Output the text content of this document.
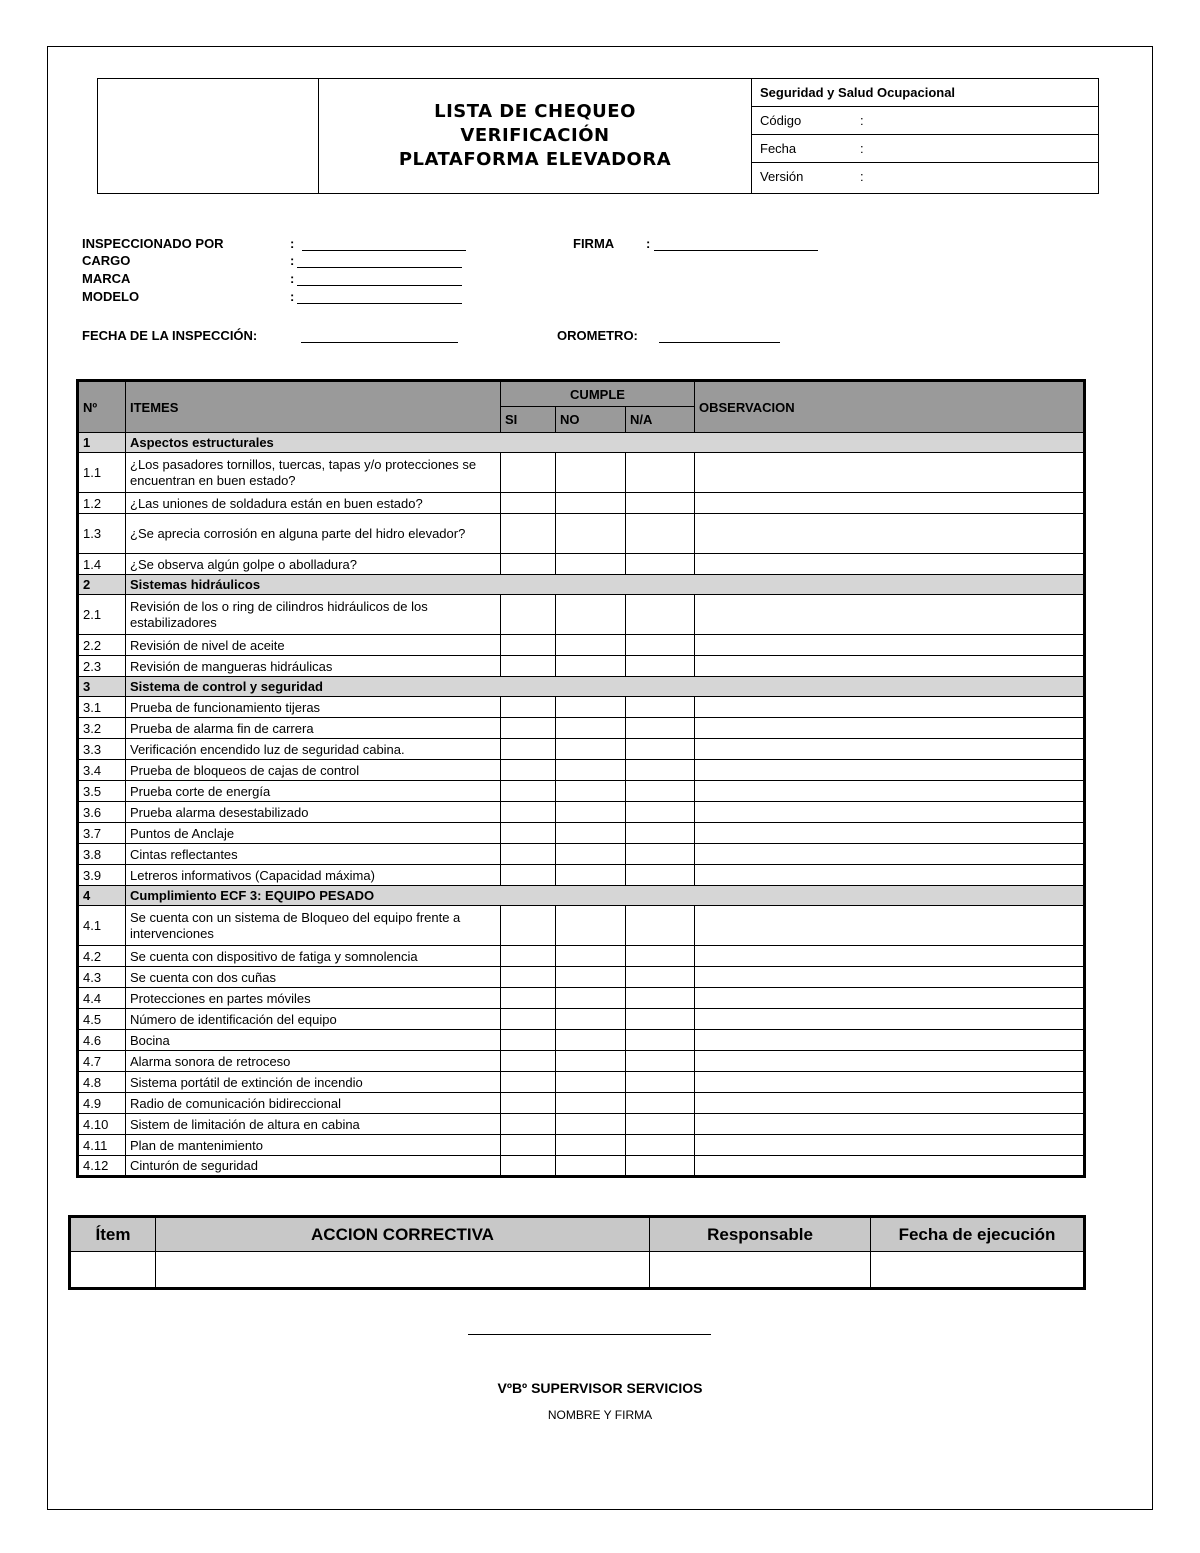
LISTA DE CHEQUEO
VERIFICACIÓN
PLATAFORMA ELEVADORA
Seguridad y Salud Ocupacional
Código	:
Fecha	:
Versión	:
INSPECCIONADO POR	:
CARGO	:
MARCA	:
MODELO	:
FIRMA :
FECHA DE LA INSPECCIÓN:	OROMETRO:
Nº	ITEMES	CUMPLE			OBSERVACION
		SI	NO	N/A	
1	Aspectos estructurales				
1.1	¿Los pasadores tornillos, tuercas, tapas y/o protecciones se encuentran en buen estado?				
1.2	¿Las uniones de soldadura están en buen estado?				
1.3	¿Se aprecia corrosión en alguna parte del hidro elevador?				
1.4	¿Se observa algún golpe o abolladura?				
2	Sistemas hidráulicos				
2.1	Revisión de los o ring de cilindros hidráulicos de los estabilizadores				
2.2	Revisión de nivel de aceite				
2.3	Revisión de mangueras hidráulicas				
3	Sistema de control y seguridad				
3.1	Prueba de funcionamiento tijeras				
3.2	Prueba de alarma fin de carrera				
3.3	Verificación encendido luz de seguridad cabina.				
3.4	Prueba de bloqueos de cajas de control				
3.5	Prueba corte de energía				
3.6	Prueba alarma desestabilizado				
3.7	Puntos de Anclaje				
3.8	Cintas reflectantes				
3.9	Letreros informativos (Capacidad máxima)				
4	Cumplimiento ECF 3: EQUIPO PESADO				
4.1	Se cuenta con un sistema de Bloqueo del equipo frente a intervenciones				
4.2	Se cuenta con dispositivo de fatiga y somnolencia				
4.3	Se cuenta con dos cuñas				
4.4	Protecciones en partes móviles				
4.5	Número de identificación del equipo				
4.6	Bocina				
4.7	Alarma sonora de retroceso				
4.8	Sistema portátil de extinción de incendio				
4.9	Radio de comunicación bidireccional				
4.10	Sistem de limitación de altura en cabina				
4.11	Plan de mantenimiento				
4.12	Cinturón de seguridad				
Ítem	ACCION CORRECTIVA	Responsable	Fecha de ejecución

VºBº SUPERVISOR SERVICIOS
NOMBRE Y FIRMA
